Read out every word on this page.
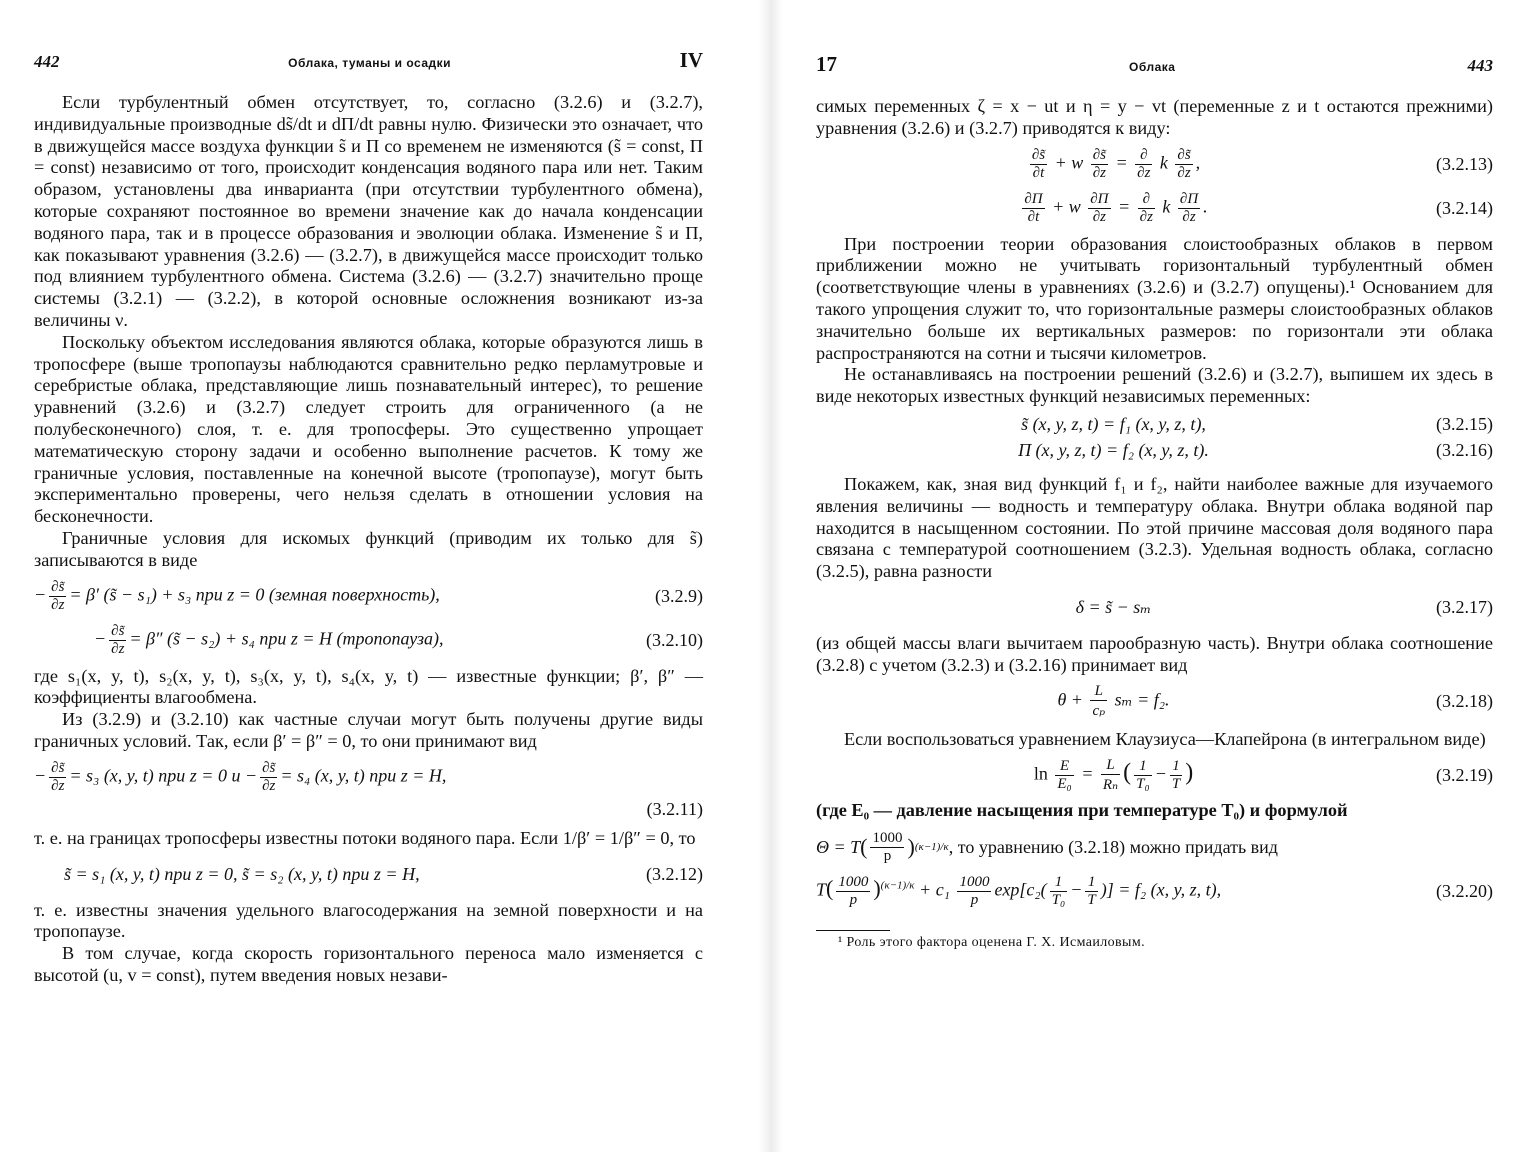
442	Облака, туманы и осадки	IV

Если турбулентный обмен отсутствует, то, согласно (3.2.6) и (3.2.7), индивидуальные производные ds̃/dt и dП/dt равны нулю. Физически это означает, что в движущейся массе воздуха функции s̃ и П со временем не изменяются (s̃ = const, П = const) независимо от того, происходит конденсация водяного пара или нет. Таким образом, установлены два инварианта (при отсутствии турбулентного обмена), которые сохраняют постоянное во времени значение как до начала конденсации водяного пара, так и в процессе образования и эволюции облака. Изменение s̃ и П, как показывают уравнения (3.2.6) — (3.2.7), в движущейся массе происходит только под влиянием турбулентного обмена. Система (3.2.6) — (3.2.7) значительно проще системы (3.2.1) — (3.2.2), в которой основные осложнения возникают из-за величины ν.

Поскольку объектом исследования являются облака, которые образуются лишь в тропосфере (выше тропопаузы наблюдаются сравнительно редко перламутровые и серебристые облака, представляющие лишь познавательный интерес), то решение уравнений (3.2.6) и (3.2.7) следует строить для ограниченного (а не полубесконечного) слоя, т. е. для тропосферы. Это существенно упрощает математическую сторону задачи и особенно выполнение расчетов. К тому же граничные условия, поставленные на конечной высоте (тропопаузе), могут быть экспериментально проверены, чего нельзя сделать в отношении условия на бесконечности.

Граничные условия для искомых функций (приводим их только для s̃) записываются в виде

− $\frac{\partial s̃}{\partial z} = \beta'$ (s̃ − s₁) + s₃ при z = 0 (земная поверхность),	(3.2.9)
− $\frac{\partial s̃}{\partial z} = \beta''$ (s̃ − s₂) + s₄ при z = H (тропопауза),	(3.2.10)

где s₁(x, y, t), s₂(x, y, t), s₃(x, y, t), s₄(x, y, t) — известные функции; β′, β″ — коэффициенты влагообмена.

Из (3.2.9) и (3.2.10) как частные случаи могут быть получены другие виды граничных условий. Так, если β′ = β″ = 0, то они принимают вид

− $\frac{\partial s̃}{\partial z} = s_3$ (x, y, t) при z = 0 $и - \frac{\partial s̃}{\partial z} = s_4$ (x, y, t) при z = H,
(3.2.11)

т. е. на границах тропосферы известны потоки водяного пара. Если 1/β′ = 1/β″ = 0, то

s̃ = s₁ (x, y, t) при z = 0, s̃ = s₂ (x, y, t) при z = H,	(3.2.12)

т. е. известны значения удельного влагосодержания на земной поверхности и на тропопаузе.

В том случае, когда скорость горизонтального переноса мало изменяется с высотой (u, v = const), путем введения новых незави-

17	Облака	443

симых переменных ζ = x − ut и η = y − vt (переменные z и t остаются прежними) уравнения (3.2.6) и (3.2.7) приводятся к виду:

$\frac{\partial s̃}{\partial t} + w \frac{\partial s̃}{\partial z} = \frac{\partial}{\partial z}$ k $\frac{\partial s̃}{\partial z}$ ,	(3.2.13)
$\frac{\partial П}{\partial t} + w \frac{\partial П}{\partial z} = \frac{\partial}{\partial z}$ k $\frac{\partial П}{\partial z}$ .	(3.2.14)

При построении теории образования слоистообразных облаков в первом приближении можно не учитывать горизонтальный турбулентный обмен (соответствующие члены в уравнениях (3.2.6) и (3.2.7) опущены).¹ Основанием для такого упрощения служит то, что горизонтальные размеры слоистообразных облаков значительно больше их вертикальных размеров: по горизонтали эти облака распространяются на сотни и тысячи километров.

Не останавливаясь на построении решений (3.2.6) и (3.2.7), выпишем их здесь в виде некоторых известных функций независимых переменных:

s̃ (x, y, z, t) = f₁ (x, y, z, t),	(3.2.15)
П (x, y, z, t) = f₂ (x, y, z, t).	(3.2.16)

Покажем, как, зная вид функций f₁ и f₂, найти наиболее важные для изучаемого явления величины — водность и температуру облака. Внутри облака водяной пар находится в насыщенном состоянии. По этой причине массовая доля водяного пара связана с температурой соотношением (3.2.3). Удельная водность облака, согласно (3.2.5), равна разности

δ = s̃ − sₘ	(3.2.17)

(из общей массы влаги вычитаем парообразную часть). Внутри облака соотношение (3.2.8) с учетом (3.2.3) и (3.2.16) принимает вид

$\theta + \frac{L}{\text{cₚ}}$ sₘ = f₂.	(3.2.18)

Если воспользоваться уравнением Клаузиуса—Клапейрона (в интегральном виде)

$\ln \frac{E}{\text{E₀}} = \frac{L}{\text{Rₙ}}$ ( $\frac{1}{\text{T₀}} - \frac{1}{T}$ )	(3.2.19)

(где E₀ — давление насыщения при температуре T₀) и формулой

Θ = T ( $\frac{1000}{p}$ ) (κ−1)/κ , то уравнению (3.2.18) можно придать вид
$T( \frac{1000}{p} )^{(\kappa-1)/\kappa} + c_1 \frac{1000}{p} \exp[c_2( \frac{1}{\text{T₀}} - \frac{1}{T}$ )] = f₂ (x, y, z, t),	(3.2.20)
¹ Роль этого фактора оценена Г. Х. Исмаиловым.
